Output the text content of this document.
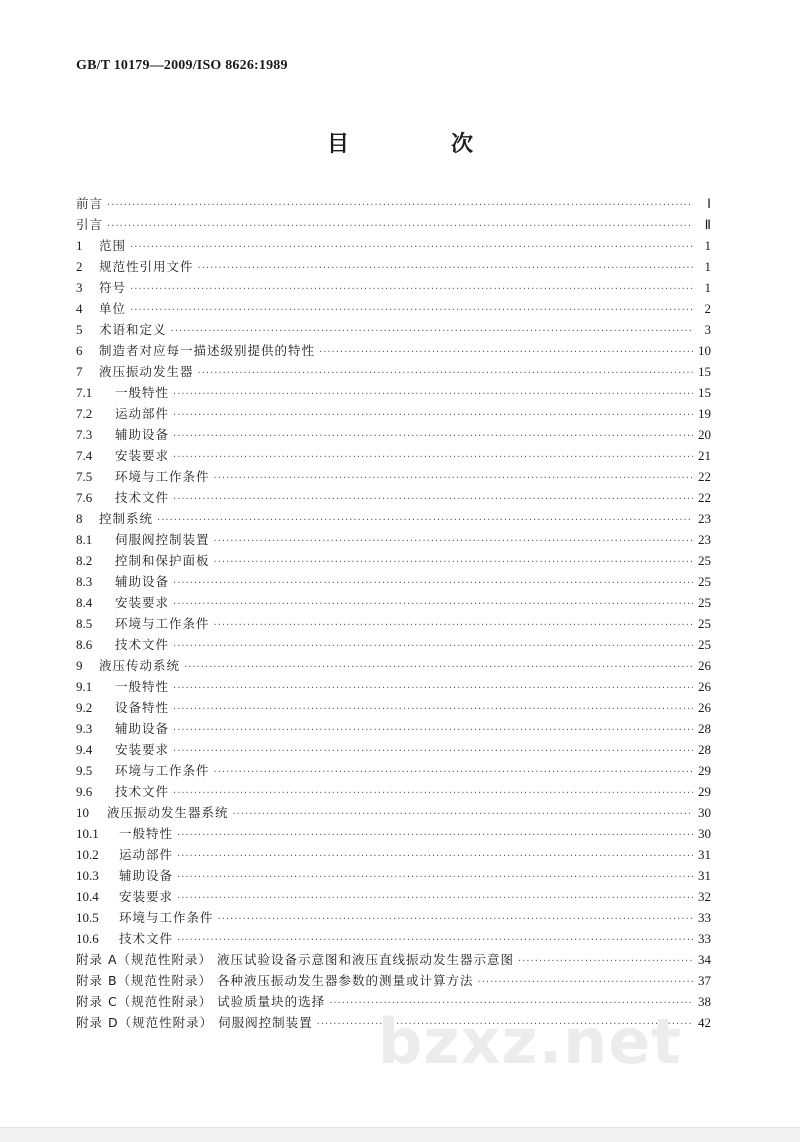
GB/T 10179—2009/ISO 8626:1989
目　次
前言 ·····	Ⅰ
引言 ·····	Ⅱ
1	范围 ·····	1
2	规范性引用文件 ·····	1
3	符号 ·····	1
4	单位 ·····	2
5	术语和定义 ·····	3
6	制造者对应每一描述级别提供的特性 ·····	10
7	液压振动发生器 ·····	15
7.1	一般特性 ·····	15
7.2	运动部件 ·····	19
7.3	辅助设备 ·····	20
7.4	安装要求 ·····	21
7.5	环境与工作条件 ·····	22
7.6	技术文件 ·····	22
8	控制系统 ·····	23
8.1	伺服阀控制装置 ·····	23
8.2	控制和保护面板 ·····	25
8.3	辅助设备 ·····	25
8.4	安装要求 ·····	25
8.5	环境与工作条件 ·····	25
8.6	技术文件 ·····	25
9	液压传动系统 ·····	26
9.1	一般特性 ·····	26
9.2	设备特性 ·····	26
9.3	辅助设备 ·····	28
9.4	安装要求 ·····	28
9.5	环境与工作条件 ·····	29
9.6	技术文件 ·····	29
10	液压振动发生器系统 ·····	30
10.1	一般特性 ·····	30
10.2	运动部件 ·····	31
10.3	辅助设备 ·····	31
10.4	安装要求 ·····	32
10.5	环境与工作条件 ·····	33
10.6	技术文件 ·····	33
附录 A（规范性附录） 液压试验设备示意图和液压直线振动发生器示意图 ·····	34
附录 B（规范性附录） 各种液压振动发生器参数的测量或计算方法 ·····	37
附录 C（规范性附录） 试验质量块的选择 ·····	38
附录 D（规范性附录） 伺服阀控制装置 ·····	42
bzxz.net
